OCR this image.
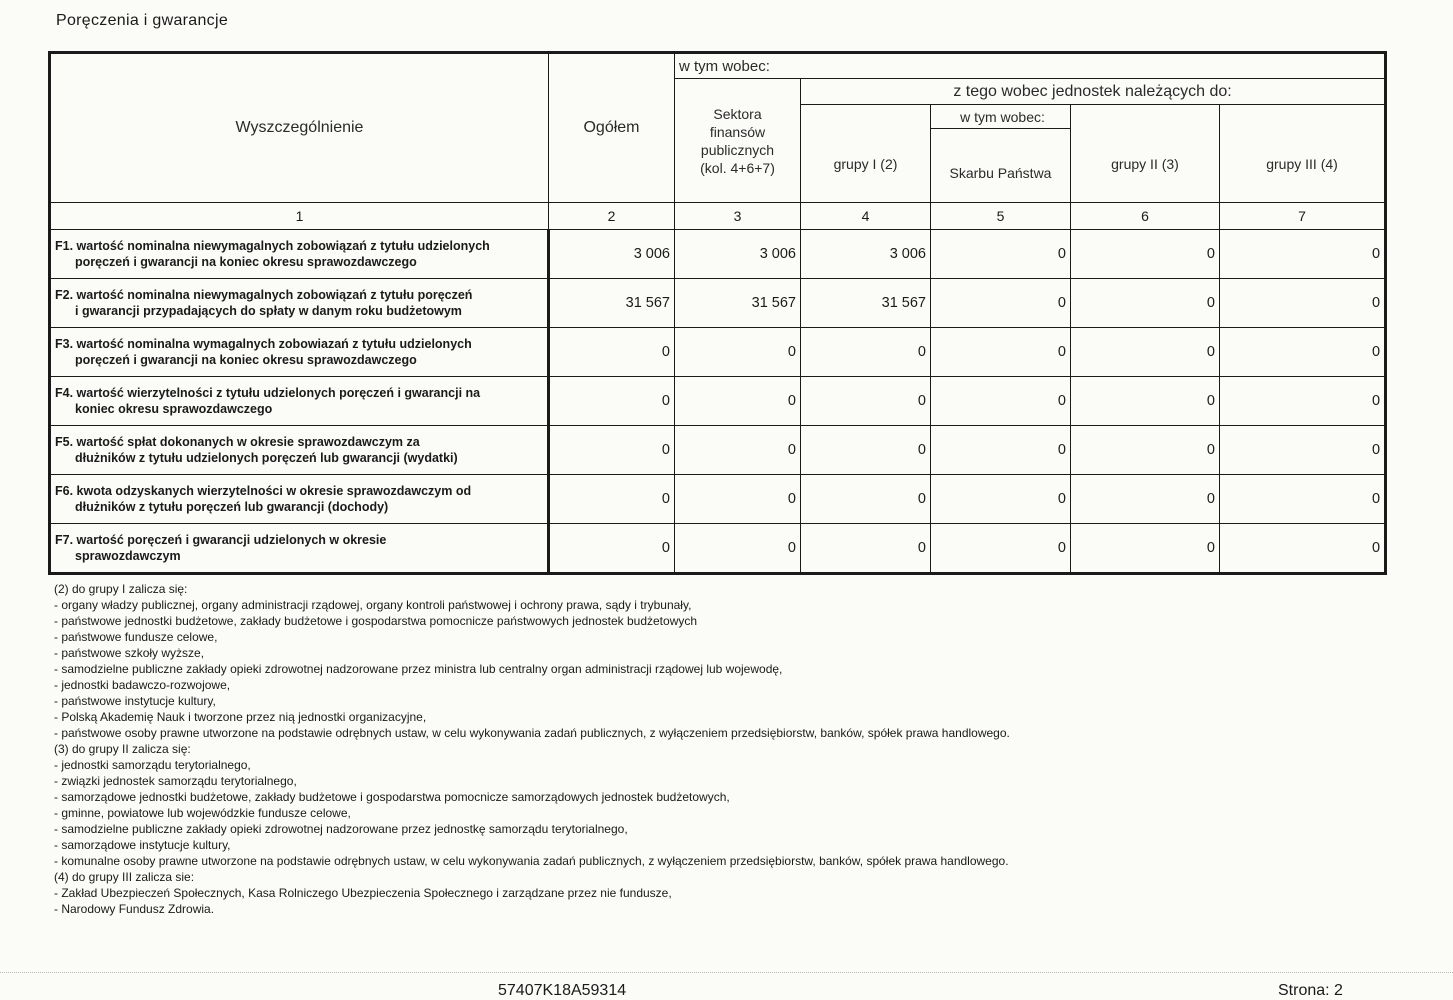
Poręczenia i gwarancje
Wyszczególnienie	Ogółem	w tym wobec:				
		Sektora
finansów
publicznych
(kol. 4+6+7)	z tego wobec jednostek należących do:			
			grupy I (2)	w tym wobec:	grupy II (3)	grupy III (4)
				Skarbu Państwa		
1	2	3	4	5	6	7
F1. wartość nominalna niewymagalnych zobowiązań z tytułu udzielonych
poręczeń i gwarancji na koniec okresu sprawozdawczego	3 006	3 006	3 006	0	0	0
F2. wartość nominalna niewymagalnych zobowiązań z tytułu poręczeń
i gwarancji przypadających do spłaty w danym roku budżetowym	31 567	31 567	31 567	0	0	0
F3. wartość nominalna wymagalnych zobowiazań z tytułu udzielonych
poręczeń i gwarancji na koniec okresu sprawozdawczego	0	0	0	0	0	0
F4. wartość wierzytelności z tytułu udzielonych poręczeń i gwarancji na
koniec okresu sprawozdawczego	0	0	0	0	0	0
F5. wartość spłat dokonanych w okresie sprawozdawczym za
dłużników z tytułu udzielonych poręczeń lub gwarancji (wydatki)	0	0	0	0	0	0
F6. kwota odzyskanych wierzytelności w okresie sprawozdawczym od
dłużników z tytułu poręczeń lub gwarancji (dochody)	0	0	0	0	0	0
F7. wartość poręczeń i gwarancji udzielonych w okresie
sprawozdawczym	0	0	0	0	0	0
(2) do grupy I zalicza się:
- organy władzy publicznej, organy administracji rządowej, organy kontroli państwowej i ochrony prawa, sądy i trybunały,
- państwowe jednostki budżetowe, zakłady budżetowe i gospodarstwa pomocnicze państwowych jednostek budżetowych
- państwowe fundusze celowe,
- państwowe szkoły wyższe,
- samodzielne publiczne zakłady opieki zdrowotnej nadzorowane przez ministra lub centralny organ administracji rządowej lub wojewodę,
- jednostki badawczo-rozwojowe,
- państwowe instytucje kultury,
- Polską Akademię Nauk i tworzone przez nią jednostki organizacyjne,
- państwowe osoby prawne utworzone na podstawie odrębnych ustaw, w celu wykonywania zadań publicznych, z wyłączeniem przedsiębiorstw, banków, spółek prawa handlowego.
(3) do grupy II zalicza się:
- jednostki samorządu terytorialnego,
- związki jednostek samorządu terytorialnego,
- samorządowe jednostki budżetowe, zakłady budżetowe i gospodarstwa pomocnicze samorządowych jednostek budżetowych,
- gminne, powiatowe lub wojewódzkie fundusze celowe,
- samodzielne publiczne zakłady opieki zdrowotnej nadzorowane przez jednostkę samorządu terytorialnego,
- samorządowe instytucje kultury,
- komunalne osoby prawne utworzone na podstawie odrębnych ustaw, w celu wykonywania zadań publicznych, z wyłączeniem przedsiębiorstw, banków, spółek prawa handlowego.
(4) do grupy III zalicza sie:
- Zakład Ubezpieczeń Społecznych, Kasa Rolniczego Ubezpieczenia Społecznego i zarządzane przez nie fundusze,
- Narodowy Fundusz Zdrowia.
57407K18A59314	Strona: 2
